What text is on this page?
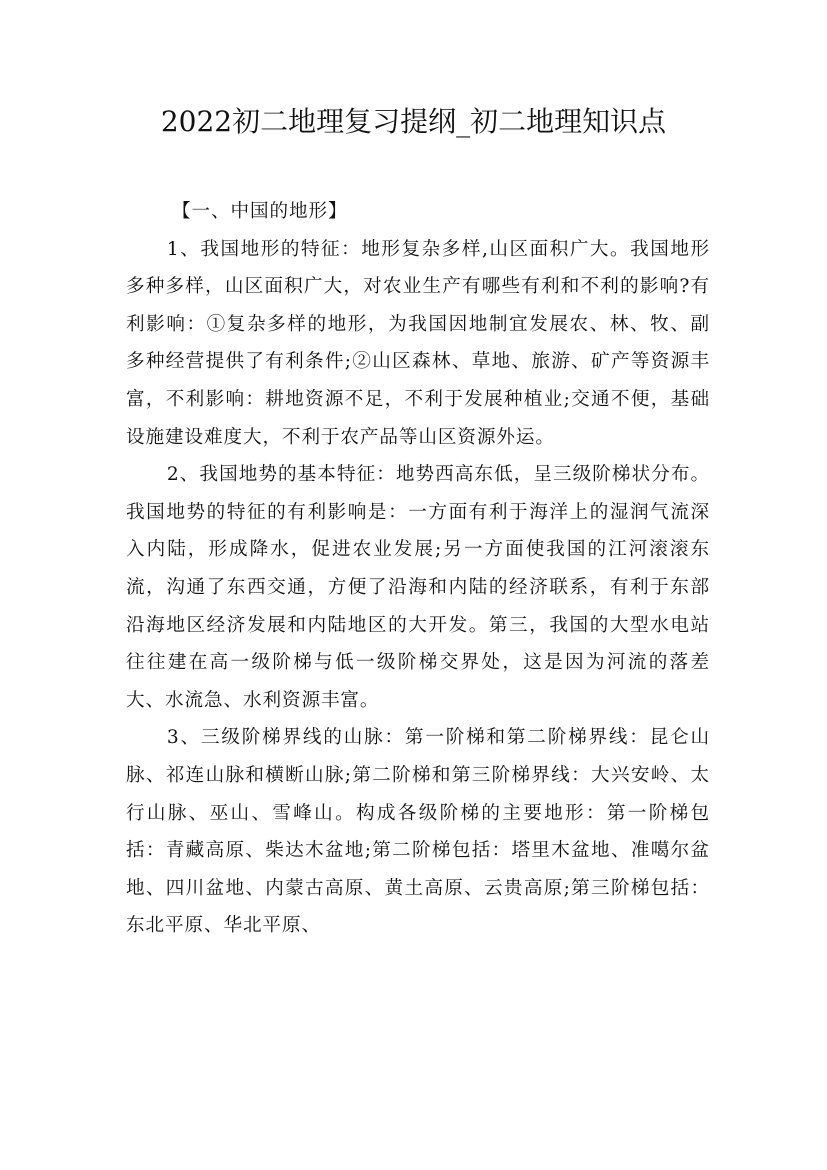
2022初二地理复习提纲_初二地理知识点

【一、中国的地形】

1、我国地形的特征：地形复杂多样,山区面积广大。我国地形多种多样，山区面积广大，对农业生产有哪些有利和不利的影响?有利影响：①复杂多样的地形，为我国因地制宜发展农、林、牧、副多种经营提供了有利条件;②山区森林、草地、旅游、矿产等资源丰富，不利影响：耕地资源不足，不利于发展种植业;交通不便，基础设施建设难度大，不利于农产品等山区资源外运。

2、我国地势的基本特征：地势西高东低，呈三级阶梯状分布。我国地势的特征的有利影响是：一方面有利于海洋上的湿润气流深入内陆，形成降水，促进农业发展;另一方面使我国的江河滚滚东流，沟通了东西交通，方便了沿海和内陆的经济联系，有利于东部沿海地区经济发展和内陆地区的大开发。第三，我国的大型水电站往往建在高一级阶梯与低一级阶梯交界处，这是因为河流的落差大、水流急、水利资源丰富。

3、三级阶梯界线的山脉：第一阶梯和第二阶梯界线：昆仑山脉、祁连山脉和横断山脉;第二阶梯和第三阶梯界线：大兴安岭、太行山脉、巫山、雪峰山。构成各级阶梯的主要地形：第一阶梯包括：青藏高原、柴达木盆地;第二阶梯包括：塔里木盆地、准噶尔盆地、四川盆地、内蒙古高原、黄土高原、云贵高原;第三阶梯包括：东北平原、华北平原、
